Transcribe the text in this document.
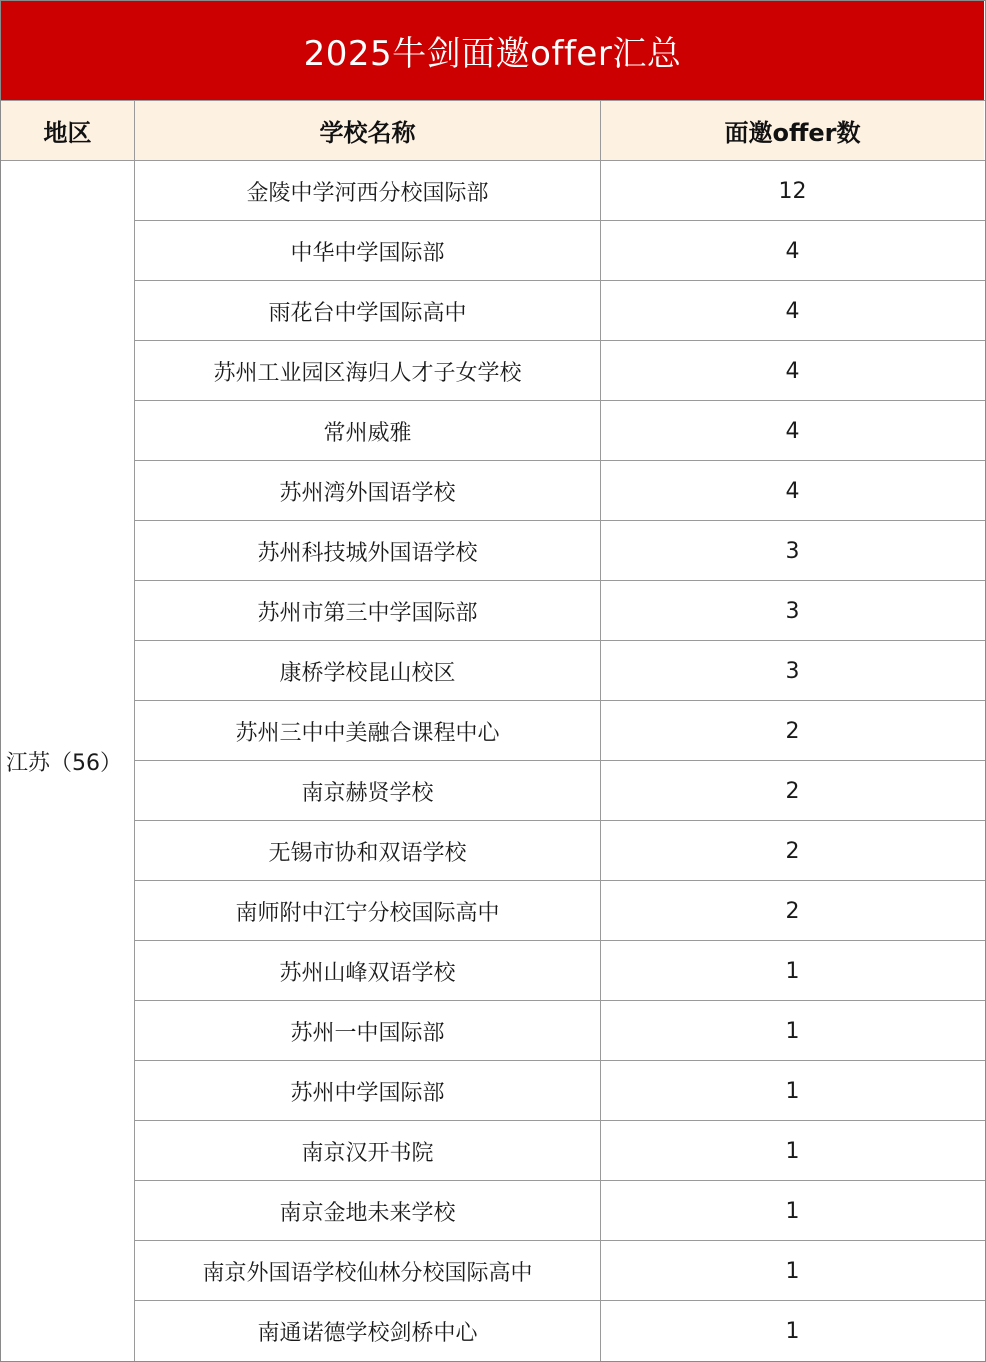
2025牛剑面邀offer汇总
地区	学校名称	面邀offer数
江苏（56）
金陵中学河西分校国际部	12
中华中学国际部	4
雨花台中学国际高中	4
苏州工业园区海归人才子女学校	4
常州威雅	4
苏州湾外国语学校	4
苏州科技城外国语学校	3
苏州市第三中学国际部	3
康桥学校昆山校区	3
苏州三中中美融合课程中心	2
南京赫贤学校	2
无锡市协和双语学校	2
南师附中江宁分校国际高中	2
苏州山峰双语学校	1
苏州一中国际部	1
苏州中学国际部	1
南京汉开书院	1
南京金地未来学校	1
南京外国语学校仙林分校国际高中	1
南通诺德学校剑桥中心	1
